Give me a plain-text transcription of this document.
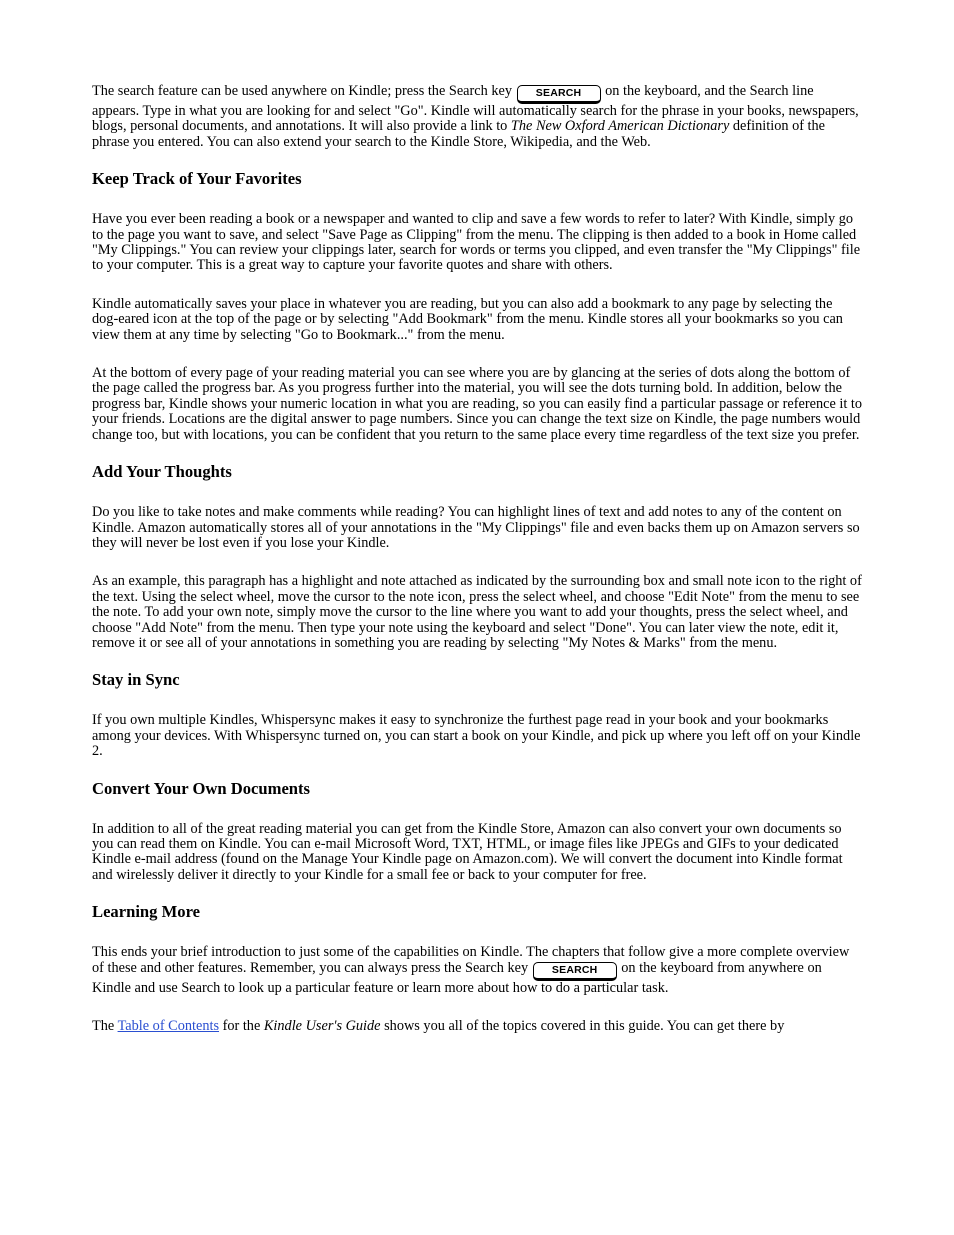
The search feature can be used anywhere on Kindle; press the Search key SEARCH on the keyboard, and the Search line appears. Type in what you are looking for and select "Go". Kindle will automatically search for the phrase in your books, newspapers, blogs, personal documents, and annotations. It will also provide a link to The New Oxford American Dictionary definition of the phrase you entered. You can also extend your search to the Kindle Store, Wikipedia, and the Web.

Keep Track of Your Favorites

Have you ever been reading a book or a newspaper and wanted to clip and save a few words to refer to later? With Kindle, simply go to the page you want to save, and select "Save Page as Clipping" from the menu. The clipping is then added to a book in Home called "My Clippings." You can review your clippings later, search for words or terms you clipped, and even transfer the "My Clippings" file to your computer. This is a great way to capture your favorite quotes and share with others.

Kindle automatically saves your place in whatever you are reading, but you can also add a bookmark to any page by selecting the dog-eared icon at the top of the page or by selecting "Add Bookmark" from the menu. Kindle stores all your bookmarks so you can view them at any time by selecting "Go to Bookmark..." from the menu.

At the bottom of every page of your reading material you can see where you are by glancing at the series of dots along the bottom of the page called the progress bar. As you progress further into the material, you will see the dots turning bold. In addition, below the progress bar, Kindle shows your numeric location in what you are reading, so you can easily find a particular passage or reference it to your friends. Locations are the digital answer to page numbers. Since you can change the text size on Kindle, the page numbers would change too, but with locations, you can be confident that you return to the same place every time regardless of the text size you prefer.

Add Your Thoughts

Do you like to take notes and make comments while reading? You can highlight lines of text and add notes to any of the content on Kindle. Amazon automatically stores all of your annotations in the "My Clippings" file and even backs them up on Amazon servers so they will never be lost even if you lose your Kindle.

As an example, this paragraph has a highlight and note attached as indicated by the surrounding box and small note icon to the right of the text. Using the select wheel, move the cursor to the note icon, press the select wheel, and choose "Edit Note" from the menu to see the note. To add your own note, simply move the cursor to the line where you want to add your thoughts, press the select wheel, and choose "Add Note" from the menu. Then type your note using the keyboard and select "Done". You can later view the note, edit it, remove it or see all of your annotations in something you are reading by selecting "My Notes & Marks" from the menu.

Stay in Sync

If you own multiple Kindles, Whispersync makes it easy to synchronize the furthest page read in your book and your bookmarks among your devices. With Whispersync turned on, you can start a book on your Kindle, and pick up where you left off on your Kindle 2.

Convert Your Own Documents

In addition to all of the great reading material you can get from the Kindle Store, Amazon can also convert your own documents so you can read them on Kindle. You can e-mail Microsoft Word, TXT, HTML, or image files like JPEGs and GIFs to your dedicated Kindle e-mail address (found on the Manage Your Kindle page on Amazon.com). We will convert the document into Kindle format and wirelessly deliver it directly to your Kindle for a small fee or back to your computer for free.

Learning More

This ends your brief introduction to just some of the capabilities on Kindle. The chapters that follow give a more complete overview of these and other features. Remember, you can always press the Search key SEARCH on the keyboard from anywhere on Kindle and use Search to look up a particular feature or learn more about how to do a particular task.

The Table of Contents for the Kindle User's Guide shows you all of the topics covered in this guide. You can get there by
